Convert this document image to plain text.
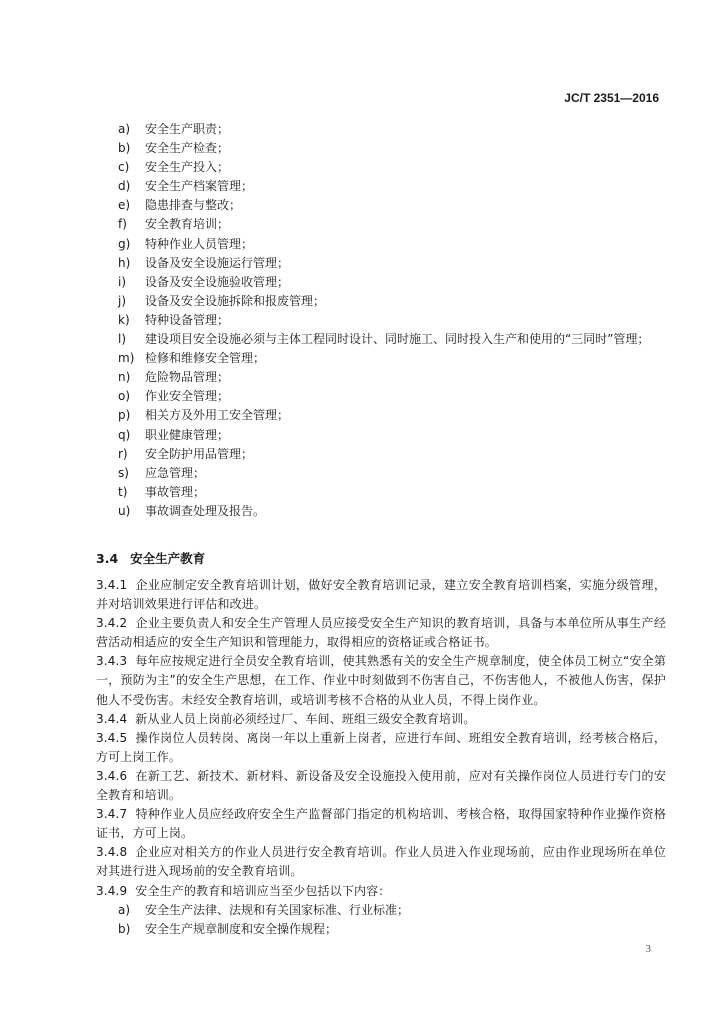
JC/T 2351—2016
a) 安全生产职责；
b) 安全生产检查；
c) 安全生产投入；
d) 安全生产档案管理；
e) 隐患排查与整改；
f) 安全教育培训；
g) 特种作业人员管理；
h) 设备及安全设施运行管理；
i) 设备及安全设施验收管理；
j) 设备及安全设施拆除和报废管理；
k) 特种设备管理；
l) 建设项目安全设施必须与主体工程同时设计、同时施工、同时投入生产和使用的“三同时”管理；
m) 检修和维修安全管理；
n) 危险物品管理；
o) 作业安全管理；
p) 相关方及外用工安全管理；
q) 职业健康管理；
r) 安全防护用品管理；
s) 应急管理；
t) 事故管理；
u) 事故调查处理及报告。
3.4 安全生产教育
3.4.1 企业应制定安全教育培训计划，做好安全教育培训记录，建立安全教育培训档案，实施分级管理，并对培训效果进行评估和改进。
3.4.2 企业主要负责人和安全生产管理人员应接受安全生产知识的教育培训，具备与本单位所从事生产经营活动相适应的安全生产知识和管理能力，取得相应的资格证或合格证书。
3.4.3 每年应按规定进行全员安全教育培训，使其熟悉有关的安全生产规章制度，使全体员工树立“安全第一，预防为主”的安全生产思想，在工作、作业中时刻做到不伤害自己，不伤害他人，不被他人伤害，保护他人不受伤害。未经安全教育培训，或培训考核不合格的从业人员，不得上岗作业。
3.4.4 新从业人员上岗前必须经过厂、车间、班组三级安全教育培训。
3.4.5 操作岗位人员转岗、离岗一年以上重新上岗者，应进行车间、班组安全教育培训，经考核合格后，方可上岗工作。
3.4.6 在新工艺、新技术、新材料、新设备及安全设施投入使用前，应对有关操作岗位人员进行专门的安全教育和培训。
3.4.7 特种作业人员应经政府安全生产监督部门指定的机构培训、考核合格，取得国家特种作业操作资格证书，方可上岗。
3.4.8 企业应对相关方的作业人员进行安全教育培训。作业人员进入作业现场前，应由作业现场所在单位对其进行进入现场前的安全教育培训。
3.4.9 安全生产的教育和培训应当至少包括以下内容：
a) 安全生产法律、法规和有关国家标准、行业标准；
b) 安全生产规章制度和安全操作规程；
3
